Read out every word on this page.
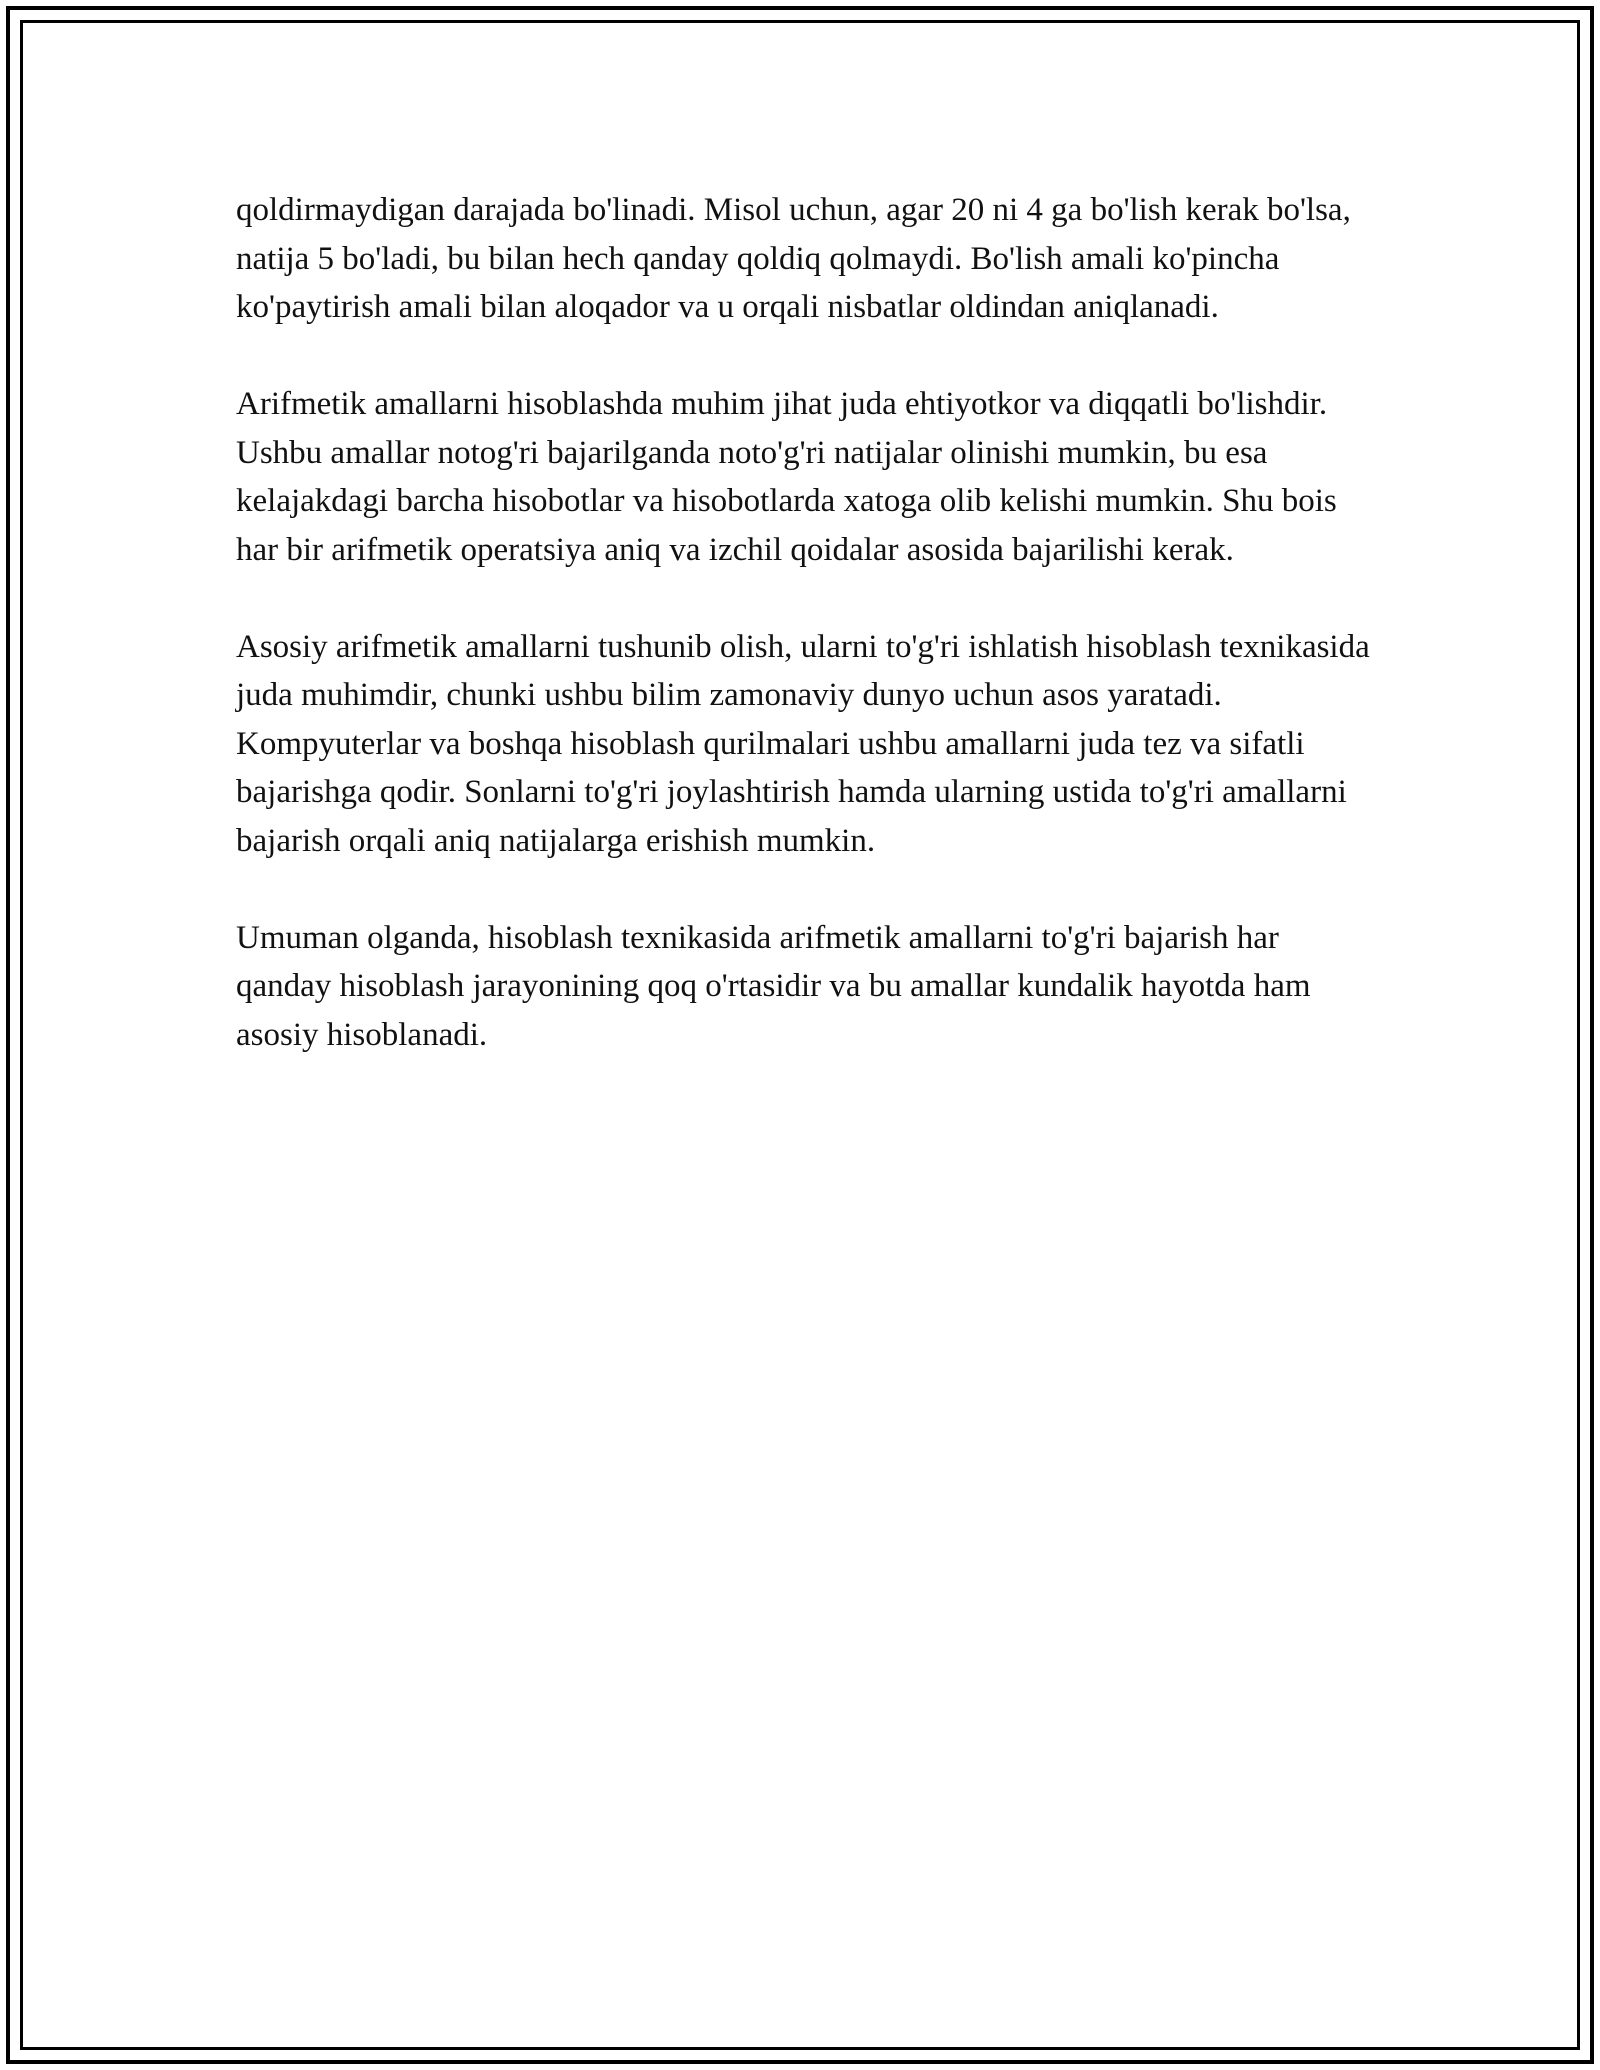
qoldirmaydigan darajada bo'linadi. Misol uchun, agar 20 ni 4 ga bo'lish kerak bo'lsa, natija 5 bo'ladi, bu bilan hech qanday qoldiq qolmaydi. Bo'lish amali ko'pincha ko'paytirish amali bilan aloqador va u orqali nisbatlar oldindan aniqlanadi.

Arifmetik amallarni hisoblashda muhim jihat juda ehtiyotkor va diqqatli bo'lishdir. Ushbu amallar notog'ri bajarilganda noto'g'ri natijalar olinishi mumkin, bu esa kelajakdagi barcha hisobotlar va hisobotlarda xatoga olib kelishi mumkin. Shu bois har bir arifmetik operatsiya aniq va izchil qoidalar asosida bajarilishi kerak.

Asosiy arifmetik amallarni tushunib olish, ularni to'g'ri ishlatish hisoblash texnikasida juda muhimdir, chunki ushbu bilim zamonaviy dunyo uchun asos yaratadi. Kompyuterlar va boshqa hisoblash qurilmalari ushbu amallarni juda tez va sifatli bajarishga qodir. Sonlarni to'g'ri joylashtirish hamda ularning ustida to'g'ri amallarni bajarish orqali aniq natijalarga erishish mumkin.

Umuman olganda, hisoblash texnikasida arifmetik amallarni to'g'ri bajarish har qanday hisoblash jarayonining qoq o'rtasidir va bu amallar kundalik hayotda ham asosiy hisoblanadi.
